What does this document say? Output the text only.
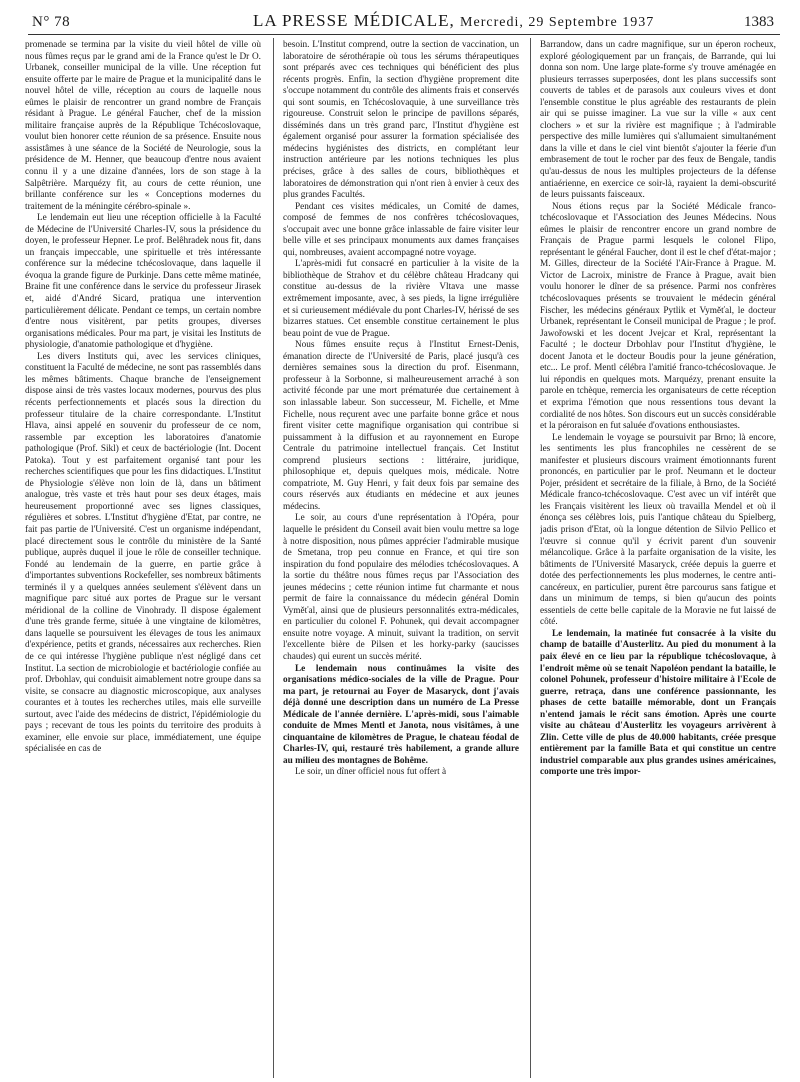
N° 78	LA PRESSE MÉDICALE, Mercredi, 29 Septembre 1937	1383

promenade se termina par la visite du vieil hôtel de ville où nous fûmes reçus par le grand ami de la France qu'est le Dr O. Urbanek, conseiller municipal de la ville. Une réception fut ensuite offerte par le maire de Prague et la municipalité dans le nouvel hôtel de ville, réception au cours de laquelle nous eûmes le plaisir de rencontrer un grand nombre de Français résidant à Prague. Le général Faucher, chef de la mission militaire française auprès de la République Tchécoslovaque, voulut bien honorer cette réunion de sa présence. Ensuite nous assistâmes à une séance de la Société de Neurologie, sous la présidence de M. Henner, que beaucoup d'entre nous avaient connu il y a une dizaine d'années, lors de son stage à la Salpêtrière. Marquézy fit, au cours de cette réunion, une brillante conférence sur les « Conceptions modernes du traitement de la méningite cérébro-spinale ».

Le lendemain eut lieu une réception officielle à la Faculté de Médecine de l'Université Charles-IV, sous la présidence du doyen, le professeur Hepner. Le prof. Belêhradek nous fit, dans un français impeccable, une spirituelle et très intéressante conférence sur la médecine tchécoslovaque, dans laquelle il évoqua la grande figure de Purkinje. Dans cette même matinée, Braine fit une conférence dans le service du professeur Jirasek et, aidé d'André Sicard, pratiqua une intervention particulièrement délicate. Pendant ce temps, un certain nombre d'entre nous visitèrent, par petits groupes, diverses organisations médicales. Pour ma part, je visitai les Instituts de physiologie, d'anatomie pathologique et d'hygiène.

Les divers Instituts qui, avec les services cliniques, constituent la Faculté de médecine, ne sont pas rassemblés dans les mêmes bâtiments. Chaque branche de l'enseignement dispose ainsi de très vastes locaux modernes, pourvus des plus récents perfectionnements et placés sous la direction du professeur titulaire de la chaire correspondante. L'Institut Hlava, ainsi appelé en souvenir du professeur de ce nom, rassemble par exception les laboratoires d'anatomie pathologique (Prof. Sikl) et ceux de bactériologie (Int. Docent Patoka). Tout y est parfaitement organisé tant pour les recherches scientifiques que pour les fins didactiques. L'Institut de Physiologie s'élève non loin de là, dans un bâtiment analogue, très vaste et très haut pour ses deux étages, mais heureusement proportionné avec ses lignes classiques, régulières et sobres. L'Institut d'hygiène d'Etat, par contre, ne fait pas partie de l'Université. C'est un organisme indépendant, placé directement sous le contrôle du ministère de la Santé publique, auprès duquel il joue le rôle de conseiller technique. Fondé au lendemain de la guerre, en partie grâce à d'importantes subventions Rockefeller, ses nombreux bâtiments terminés il y a quelques années seulement s'élèvent dans un magnifique parc situé aux portes de Prague sur le versant méridional de la colline de Vinohrady. Il dispose également d'une très grande ferme, située à une vingtaine de kilomètres, dans laquelle se poursuivent les élevages de tous les animaux d'expérience, petits et grands, nécessaires aux recherches. Rien de ce qui intéresse l'hygiène publique n'est négligé dans cet Institut. La section de microbiologie et bactériologie confiée au prof. Drbohlav, qui conduisit aimablement notre groupe dans sa visite, se consacre au diagnostic microscopique, aux analyses courantes et à toutes les recherches utiles, mais elle surveille surtout, avec l'aide des médecins de district, l'épidémiologie du pays ; recevant de tous les points du territoire des produits à examiner, elle envoie sur place, immédiatement, une équipe spécialisée en cas de

besoin. L'Institut comprend, outre la section de vaccination, un laboratoire de sérothérapie où tous les sérums thérapeutiques sont préparés avec ces techniques qui bénéficient des plus récents progrès. Enfin, la section d'hygiène proprement dite s'occupe notamment du contrôle des aliments frais et conservés qui sont soumis, en Tchécoslovaquie, à une surveillance très rigoureuse. Construit selon le principe de pavillons séparés, disséminés dans un très grand parc, l'Institut d'hygiène est également organisé pour assurer la formation spécialisée des médecins hygiénistes des districts, en complétant leur instruction antérieure par les notions techniques les plus précises, grâce à des salles de cours, bibliothèques et laboratoires de démonstration qui n'ont rien à envier à ceux des plus grandes Facultés.

Pendant ces visites médicales, un Comité de dames, composé de femmes de nos confrères tchécoslovaques, s'occupait avec une bonne grâce inlassable de faire visiter leur belle ville et ses principaux monuments aux dames françaises qui, nombreuses, avaient accompagné notre voyage.

L'après-midi fut consacré en particulier à la visite de la bibliothèque de Strahov et du célèbre château Hradcany qui constitue au-dessus de la rivière Vltava une masse extrêmement imposante, avec, à ses pieds, la ligne irrégulière et si curieusement médiévale du pont Charles-IV, hérissé de ses bizarres statues. Cet ensemble constitue certainement le plus beau point de vue de Prague.

Nous fûmes ensuite reçus à l'Institut Ernest-Denis, émanation directe de l'Université de Paris, placé jusqu'à ces dernières semaines sous la direction du prof. Eisenmann, professeur à la Sorbonne, si malheureusement arraché à son activité féconde par une mort prématurée due certainement à son inlassable labeur. Son successeur, M. Fichelle, et Mme Fichelle, nous reçurent avec une parfaite bonne grâce et nous firent visiter cette magnifique organisation qui contribue si puissamment à la diffusion et au rayonnement en Europe Centrale du patrimoine intellectuel français. Cet Institut comprend plusieurs sections : littéraire, juridique, philosophique et, depuis quelques mois, médicale. Notre compatriote, M. Guy Henri, y fait deux fois par semaine des cours réservés aux étudiants en médecine et aux jeunes médecins.

Le soir, au cours d'une représentation à l'Opéra, pour laquelle le président du Conseil avait bien voulu mettre sa loge à notre disposition, nous pûmes apprécier l'admirable musique de Smetana, trop peu connue en France, et qui tire son inspiration du fond populaire des mélodies tchécoslovaques. A la sortie du théâtre nous fûmes reçus par l'Association des jeunes médecins ; cette réunion intime fut charmante et nous permit de faire la connaissance du médecin général Domin Vyměťal, ainsi que de plusieurs personnalités extra-médicales, en particulier du colonel F. Pohunek, qui devait accompagner ensuite notre voyage. A minuit, suivant la tradition, on servit l'excellente bière de Pilsen et les horky-parky (saucisses chaudes) qui eurent un succès mérité.

Le lendemain nous continuâmes la visite des organisations médico-sociales de la ville de Prague. Pour ma part, je retournai au Foyer de Masaryck, dont j'avais déjà donné une description dans un numéro de La Presse Médicale de l'année dernière. L'après-midi, sous l'aimable conduite de Mmes Mentl et Janota, nous visitâmes, à une cinquantaine de kilomètres de Prague, le chateau féodal de Charles-IV, qui, restauré très habilement, a grande allure au milieu des montagnes de Bohême.

Le soir, un dîner officiel nous fut offert à

Barrandow, dans un cadre magnifique, sur un éperon rocheux, exploré géologiquement par un français, de Barrande, qui lui donna son nom. Une large plate-forme s'y trouve aménagée en plusieurs terrasses superposées, dont les plans successifs sont couverts de tables et de parasols aux couleurs vives et dont l'ensemble constitue le plus agréable des restaurants de plein air qui se puisse imaginer. La vue sur la ville « aux cent clochers » et sur la rivière est magnifique ; à l'admirable perspective des mille lumières qui s'allumaient simultanément dans la ville et dans le ciel vint bientôt s'ajouter la féerie d'un embrasement de tout le rocher par des feux de Bengale, tandis qu'au-dessus de nous les multiples projecteurs de la défense antiaérienne, en exercice ce soir-là, rayaient la demi-obscurité de leurs puissants faisceaux.

Nous étions reçus par la Société Médicale franco-tchécoslovaque et l'Association des Jeunes Médecins. Nous eûmes le plaisir de rencontrer encore un grand nombre de Français de Prague parmi lesquels le colonel Flipo, représentant le général Faucher, dont il est le chef d'état-major ; M. Gilles, directeur de la Société l'Air-France à Prague. M. Victor de Lacroix, ministre de France à Prague, avait bien voulu honorer le dîner de sa présence. Parmi nos confrères tchécoslovaques présents se trouvaient le médecin général Fischer, les médecins généraux Pytlik et Vyměťal, le docteur Urbanek, représentant le Conseil municipal de Prague ; le prof. Jawořowski et les docent Jvejcar et Kral, représentant la Faculté ; le docteur Drbohlav pour l'Institut d'hygiène, le docent Janota et le docteur Boudis pour la jeune génération, etc... Le prof. Mentl célébra l'amitié franco-tchécoslovaque. Je lui répondis en quelques mots. Marquézy, prenant ensuite la parole en tchèque, remercia les organisateurs de cette réception et exprima l'émotion que nous ressentions tous devant la cordialité de nos hôtes. Son discours eut un succès considérable et la péroraison en fut saluée d'ovations enthousiastes.

Le lendemain le voyage se poursuivit par Brno; là encore, les sentiments les plus francophiles ne cessèrent de se manifester et plusieurs discours vraiment émotionnants furent prononcés, en particulier par le prof. Neumann et le docteur Pojer, président et secrétaire de la filiale, à Brno, de la Société Médicale franco-tchécoslovaque. C'est avec un vif intérêt que les Français visitèrent les lieux où travailla Mendel et où il énonça ses célèbres lois, puis l'antique château du Spielberg, jadis prison d'Etat, où la longue détention de Silvio Pellico et l'œuvre si connue qu'il y écrivit parent d'un souvenir mélancolique. Grâce à la parfaite organisation de la visite, les bâtiments de l'Université Masaryck, créée depuis la guerre et dotée des perfectionnements les plus modernes, le centre anti-cancéreux, en particulier, purent être parcourus sans fatigue et dans un minimum de temps, si bien qu'aucun des points essentiels de cette belle capitale de la Moravie ne fut laissé de côté.

Le lendemain, la matinée fut consacrée à la visite du champ de bataille d'Austerlitz. Au pied du monument à la paix élevé en ce lieu par la république tchécoslovaque, à l'endroit même où se tenait Napoléon pendant la bataille, le colonel Pohunek, professeur d'histoire militaire à l'Ecole de guerre, retraça, dans une conférence passionnante, les phases de cette bataille mémorable, dont un Français n'entend jamais le récit sans émotion. Après une courte visite au château d'Austerlitz les voyageurs arrivèrent à Zlin. Cette ville de plus de 40.000 habitants, créée presque entièrement par la famille Bata et qui constitue un centre industriel comparable aux plus grandes usines américaines, comporte une très impor-
